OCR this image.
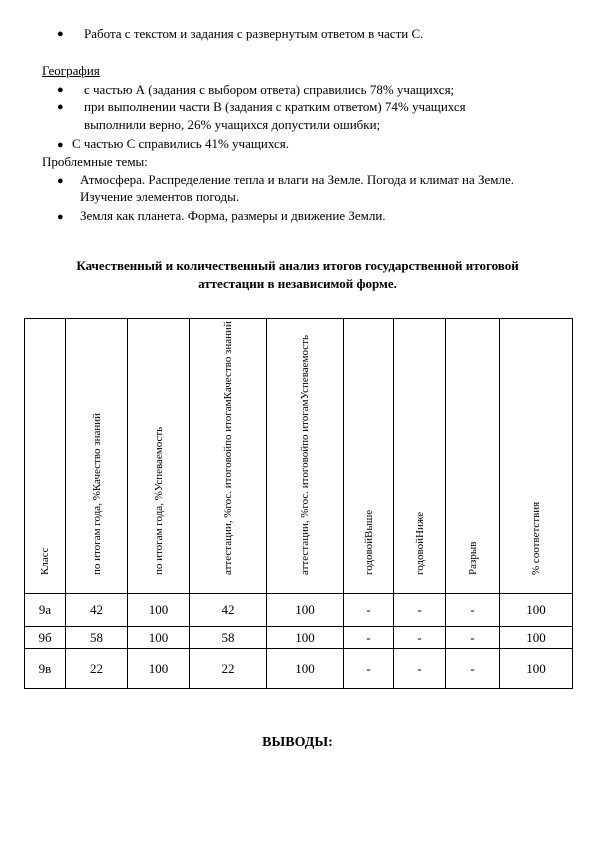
● Работа с текстом и задания с развернутым ответом в части С.
География
● с частью А (задания с выбором ответа) справились 78% учащихся;
● при выполнении части В (задания с кратким ответом) 74% учащихся
выполнили верно, 26% учащихся допустили ошибки;
● С частью С справились 41% учащихся.
Проблемные темы:
● Атмосфера. Распределение тепла и влаги на Земле. Погода и климат на Земле.
Изучение элементов погоды.
● Земля как планета. Форма, размеры и движение Земли.
Качественный и количественный анализ итогов государственной итоговой
аттестации в независимой форме.
Класс	по итогам года, %Качество знаний	по итогам года, %Успеваемость	аттестации, %гос. итоговойпо итогамКачество знаний	аттестации, %гос. итоговойпо итогамУспеваемость	годовойВыше	годовойНиже	Разрыв	% соответствия

9а	42	100	42	100	-	-	-	100
9б	58	100	58	100	-	-	-	100
9в	22	100	22	100	-	-	-	100
ВЫВОДЫ:
